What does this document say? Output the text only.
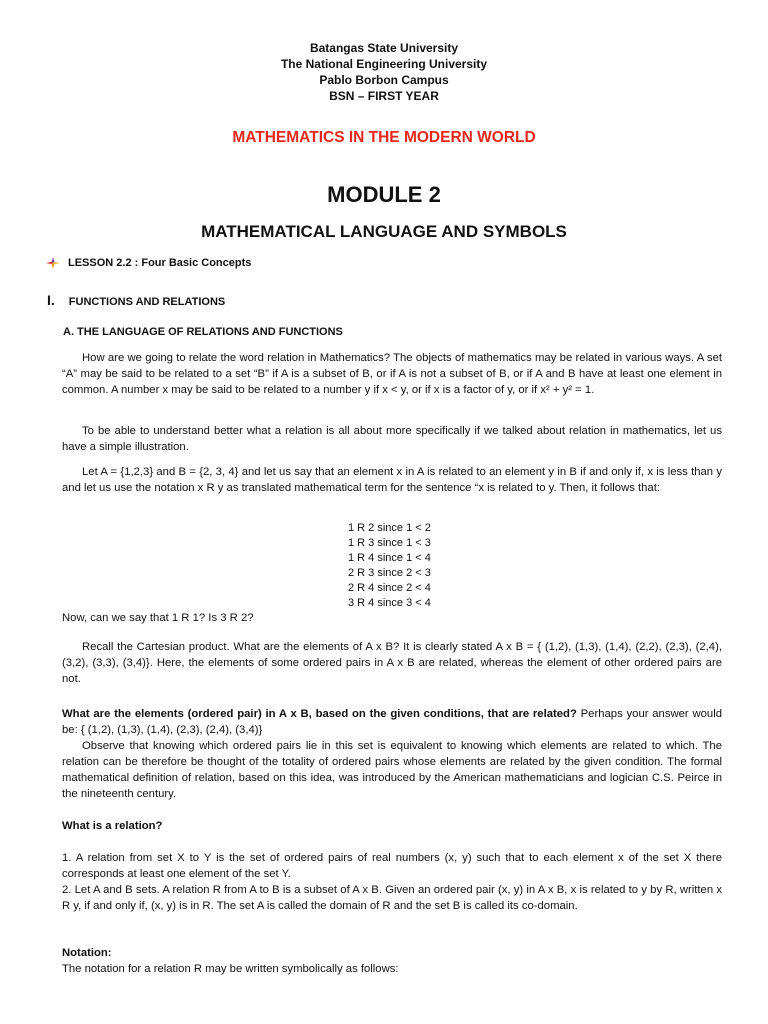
Batangas State University
The National Engineering University
Pablo Borbon Campus
BSN – FIRST YEAR
MATHEMATICS IN THE MODERN WORLD
MODULE 2
MATHEMATICAL LANGUAGE AND SYMBOLS
LESSON 2.2 : Four Basic Concepts
I. FUNCTIONS AND RELATIONS
A. THE LANGUAGE OF RELATIONS AND FUNCTIONS
How are we going to relate the word relation in Mathematics? The objects of mathematics may be related in various ways. A set “A” may be said to be related to a set “B” if A is a subset of B, or if A is not a subset of B, or if A and B have at least one element in common. A number x may be said to be related to a number y if x < y, or if x is a factor of y, or if x² + y² = 1.
To be able to understand better what a relation is all about more specifically if we talked about relation in mathematics, let us have a simple illustration.
Let A = {1,2,3} and B = {2, 3, 4} and let us say that an element x in A is related to an element y in B if and only if, x is less than y and let us use the notation x R y as translated mathematical term for the sentence “x is related to y. Then, it follows that:
1 R 2 since 1 < 2
1 R 3 since 1 < 3
1 R 4 since 1 < 4
2 R 3 since 2 < 3
2 R 4 since 2 < 4
3 R 4 since 3 < 4
Now, can we say that 1 R 1? Is 3 R 2?
Recall the Cartesian product. What are the elements of A x B? It is clearly stated A x B = { (1,2), (1,3), (1,4), (2,2), (2,3), (2,4), (3,2), (3,3), (3,4)}. Here, the elements of some ordered pairs in A x B are related, whereas the element of other ordered pairs are not.
What are the elements (ordered pair) in A x B, based on the given conditions, that are related? Perhaps your answer would be: { (1,2), (1,3), (1,4), (2,3), (2,4), (3,4)}
Observe that knowing which ordered pairs lie in this set is equivalent to knowing which elements are related to which. The relation can be therefore be thought of the totality of ordered pairs whose elements are related by the given condition. The formal mathematical definition of relation, based on this idea, was introduced by the American mathematicians and logician C.S. Peirce in the nineteenth century.
What is a relation?
1. A relation from set X to Y is the set of ordered pairs of real numbers (x, y) such that to each element x of the set X there corresponds at least one element of the set Y.
2. Let A and B sets. A relation R from A to B is a subset of A x B. Given an ordered pair (x, y) in A x B, x is related to y by R, written x R y, if and only if, (x, y) is in R. The set A is called the domain of R and the set B is called its co-domain.
Notation:
The notation for a relation R may be written symbolically as follows:
